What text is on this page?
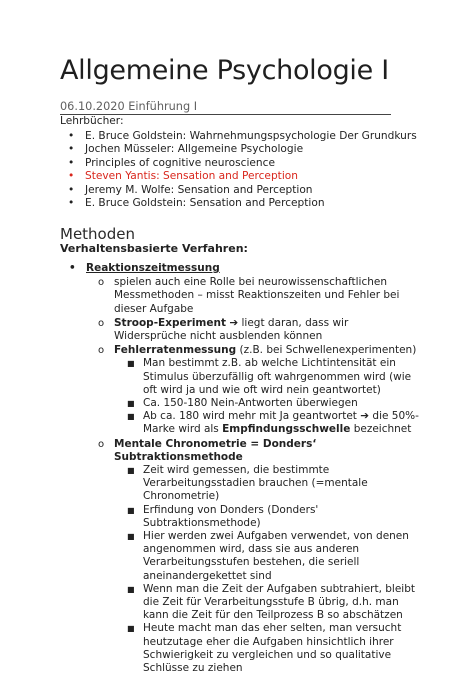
Allgemeine Psychologie I
06.10.2020 Einführung I
Lehrbücher:
• E. Bruce Goldstein: Wahrnehmungspsychologie Der Grundkurs
• Jochen Müsseler: Allgemeine Psychologie
• Principles of cognitive neuroscience
• Steven Yantis: Sensation and Perception
• Jeremy M. Wolfe: Sensation and Perception
• E. Bruce Goldstein: Sensation and Perception
Methoden
Verhaltensbasierte Verfahren:
• Reaktionszeitmessung
o spielen auch eine Rolle bei neurowissenschaftlichen Messmethoden – misst Reaktionszeiten und Fehler bei dieser Aufgabe
o Stroop-Experiment ➔ liegt daran, dass wir Widersprüche nicht ausblenden können
o Fehlerratenmessung (z.B. bei Schwellenexperimenten)
■ Man bestimmt z.B. ab welche Lichtintensität ein Stimulus überzufällig oft wahrgenommen wird (wie oft wird ja und wie oft wird nein geantwortet)
■ Ca. 150-180 Nein-Antworten überwiegen
■ Ab ca. 180 wird mehr mit Ja geantwortet ➔ die 50%-Marke wird als Empfindungsschwelle bezeichnet
o Mentale Chronometrie = Donders‘ Subtraktionsmethode
■ Zeit wird gemessen, die bestimmte Verarbeitungsstadien brauchen (=mentale Chronometrie)
■ Erfindung von Donders (Donders' Subtraktionsmethode)
■ Hier werden zwei Aufgaben verwendet, von denen angenommen wird, dass sie aus anderen Verarbeitungsstufen bestehen, die seriell aneinandergekettet sind
■ Wenn man die Zeit der Aufgaben subtrahiert, bleibt die Zeit für Verarbeitungsstufe B übrig, d.h. man kann die Zeit für den Teilprozess B so abschätzen
■ Heute macht man das eher selten, man versucht heutzutage eher die Aufgaben hinsichtlich ihrer Schwierigkeit zu vergleichen und so qualitative Schlüsse zu ziehen
